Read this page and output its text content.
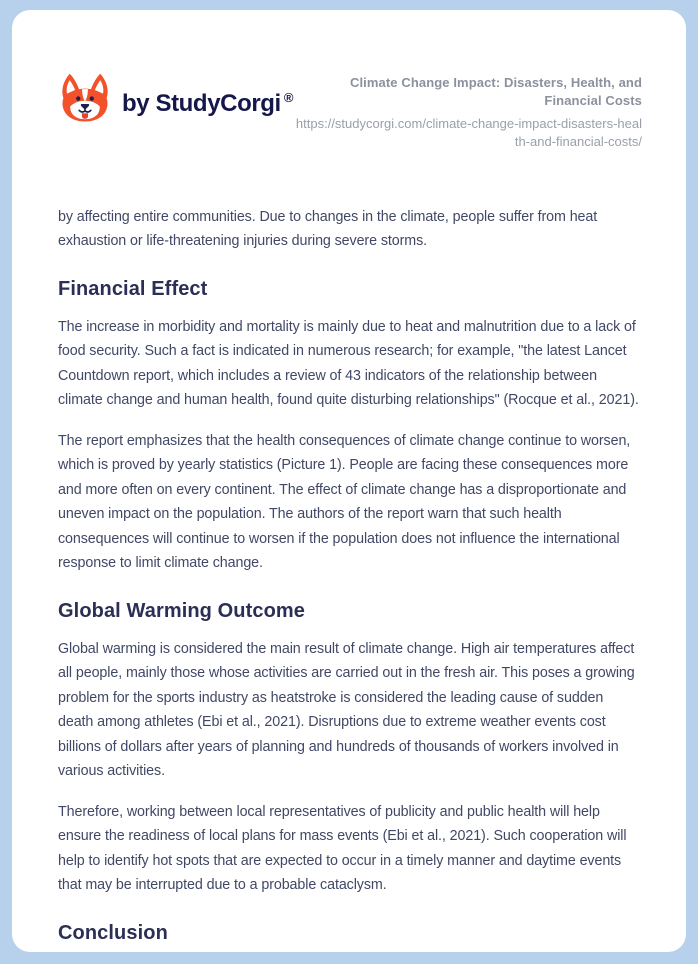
by StudyCorgi ®
Climate Change Impact: Disasters, Health, and Financial Costs
https://studycorgi.com/climate-change-impact-disasters-health-and-financial-costs/

by affecting entire communities. Due to changes in the climate, people suffer from heat exhaustion or life-threatening injuries during severe storms.

Financial Effect

The increase in morbidity and mortality is mainly due to heat and malnutrition due to a lack of food security. Such a fact is indicated in numerous research; for example, "the latest Lancet Countdown report, which includes a review of 43 indicators of the relationship between climate change and human health, found quite disturbing relationships" (Rocque et al., 2021).

The report emphasizes that the health consequences of climate change continue to worsen, which is proved by yearly statistics (Picture 1). People are facing these consequences more and more often on every continent. The effect of climate change has a disproportionate and uneven impact on the population. The authors of the report warn that such health consequences will continue to worsen if the population does not influence the international response to limit climate change.

Global Warming Outcome

Global warming is considered the main result of climate change. High air temperatures affect all people, mainly those whose activities are carried out in the fresh air. This poses a growing problem for the sports industry as heatstroke is considered the leading cause of sudden death among athletes (Ebi et al., 2021). Disruptions due to extreme weather events cost billions of dollars after years of planning and hundreds of thousands of workers involved in various activities.

Therefore, working between local representatives of publicity and public health will help ensure the readiness of local plans for mass events (Ebi et al., 2021). Such cooperation will help to identify hot spots that are expected to occur in a timely manner and daytime events that may be interrupted due to a probable cataclysm.

Conclusion
